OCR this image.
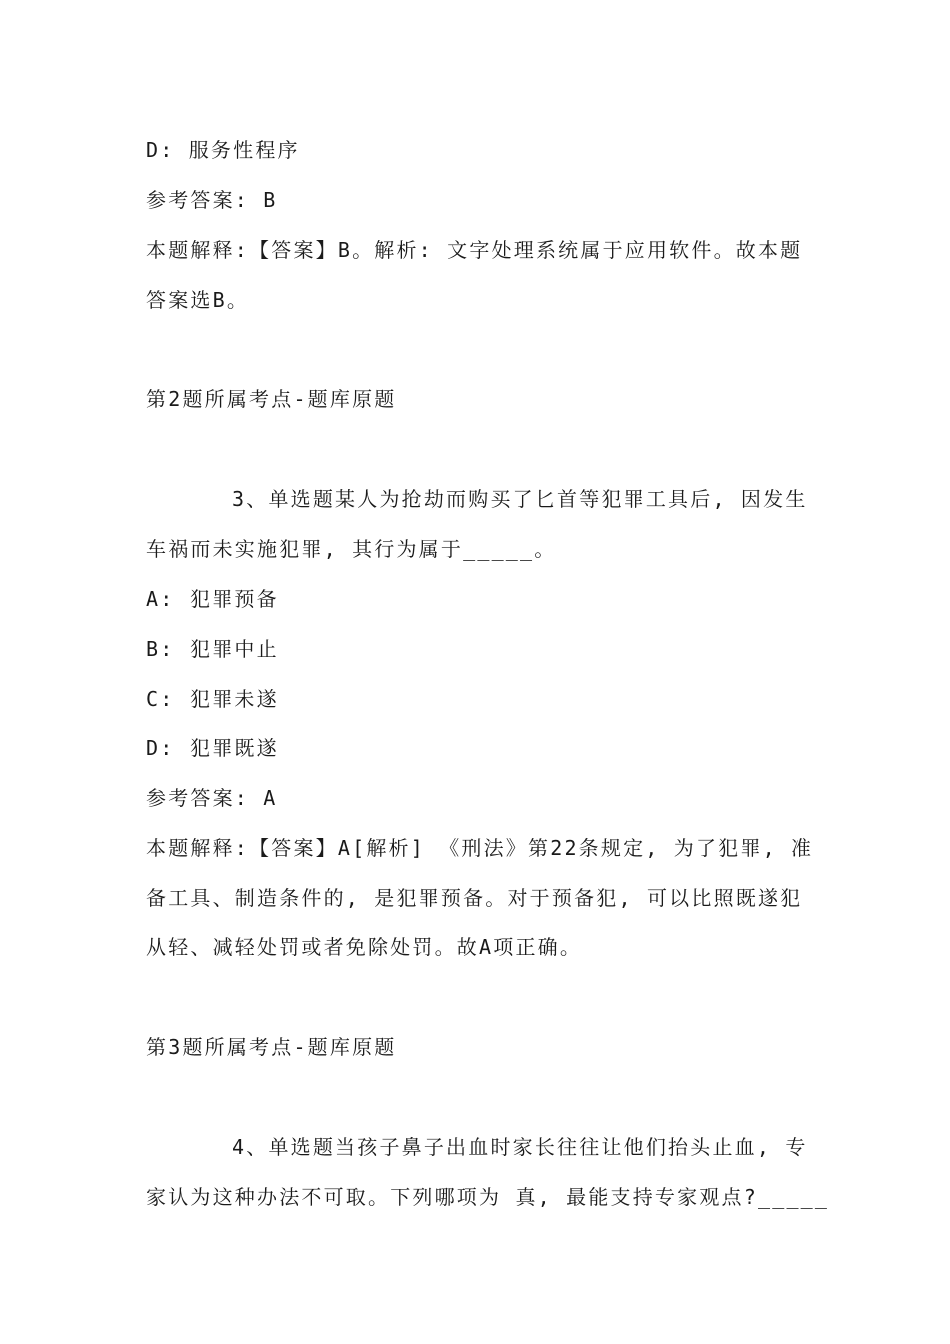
D: 服务性程序
参考答案: B
本题解释:【答案】B。解析: 文字处理系统属于应用软件。故本题
答案选B。
第2题所属考点-题库原题
3、单选题某人为抢劫而购买了匕首等犯罪工具后, 因发生
车祸而未实施犯罪, 其行为属于_____。
A: 犯罪预备
B: 犯罪中止
C: 犯罪未遂
D: 犯罪既遂
参考答案: A
本题解释:【答案】A[解析] 《刑法》第22条规定, 为了犯罪, 准
备工具、制造条件的, 是犯罪预备。对于预备犯, 可以比照既遂犯
从轻、减轻处罚或者免除处罚。故A项正确。
第3题所属考点-题库原题
4、单选题当孩子鼻子出血时家长往往让他们抬头止血, 专
家认为这种办法不可取。下列哪项为 真, 最能支持专家观点?_____
